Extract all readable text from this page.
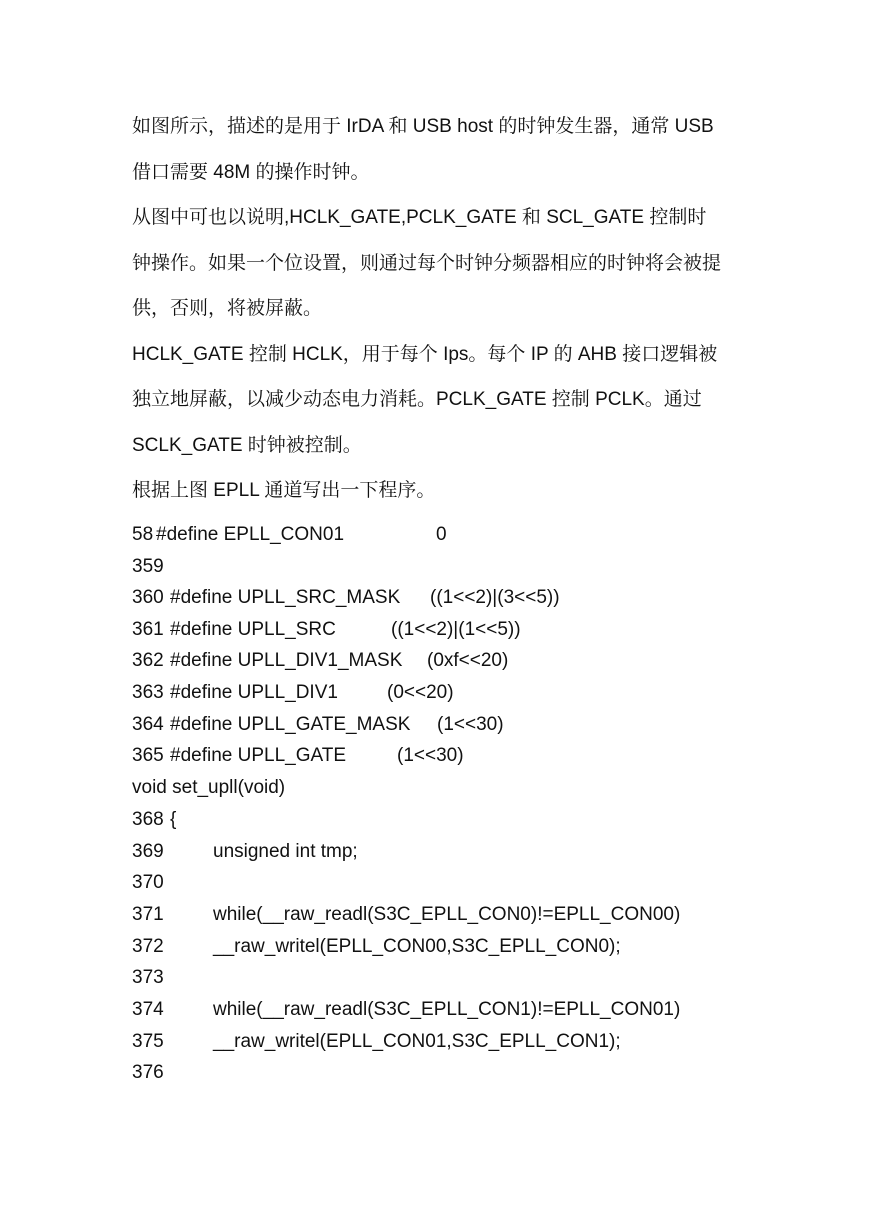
如图所示，描述的是用于 IrDA 和 USB host 的时钟发生器，通常 USB
借口需要 48M 的操作时钟。
从图中可也以说明,HCLK_GATE,PCLK_GATE 和 SCL_GATE 控制时
钟操作。如果一个位设置，则通过每个时钟分频器相应的时钟将会被提
供，否则，将被屏蔽。
HCLK_GATE 控制 HCLK，用于每个 Ips。每个 IP 的 AHB 接口逻辑被
独立地屏蔽，以减少动态电力消耗。PCLK_GATE 控制 PCLK。通过
SCLK_GATE 时钟被控制。
根据上图 EPLL 通道写出一下程序。
58 #define EPLL_CON01	0
359
360 #define UPLL_SRC_MASK ((1<<2)|(3<<5))
361 #define UPLL_SRC	((1<<2)|(1<<5))
362 #define UPLL_DIV1_MASK (0xf<<20)
363 #define UPLL_DIV1	(0<<20)
364 #define UPLL_GATE_MASK (1<<30)
365 #define UPLL_GATE	(1<<30)
void set_upll(void)
368 {
369	unsigned int tmp;
370
371	while(__raw_readl(S3C_EPLL_CON0)!=EPLL_CON00)
372	__raw_writel(EPLL_CON00,S3C_EPLL_CON0);
373
374	while(__raw_readl(S3C_EPLL_CON1)!=EPLL_CON01)
375	__raw_writel(EPLL_CON01,S3C_EPLL_CON1);
376
